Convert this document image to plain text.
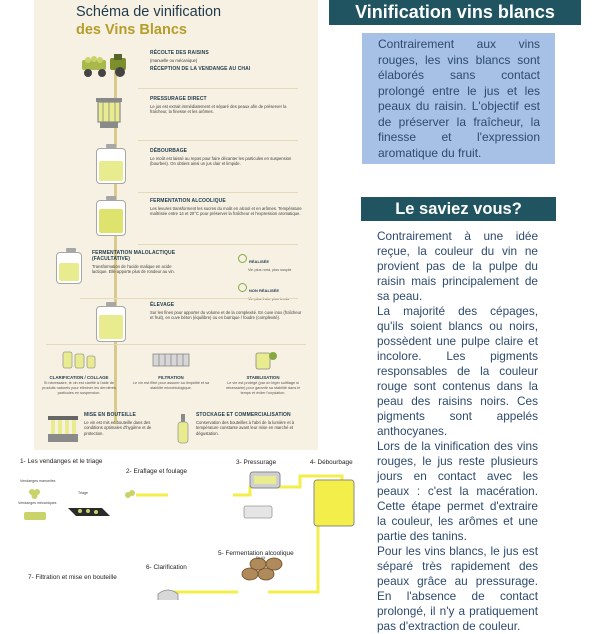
Schéma de vinification
des Vins Blancs
RÉCOLTE DES RAISINS
(manuelle ou mécanique)
RÉCEPTION DE LA VENDANGE AU CHAI
PRESSURAGE DIRECT
Le jus est extrait immédiatement et séparé des peaux afin de préserver la fraîcheur, la finesse et les arômes.
DÉBOURBAGE
Le moût est laissé au repos pour faire décanter les particules en suspension (bourbes). On obtient ainsi un jus clair et limpide.
FERMENTATION ALCOOLIQUE
Les levures transforment les sucres du moût en alcool et en arômes. Température maîtrisée entre 14 et 20°C pour préserver la fraîcheur et l'expression aromatique.
FERMENTATION MALOLACTIQUE (FACULTATIVE)
Transformation de l'acide malique en acide lactique. Elle apporte plus de rondeur au vin.
RÉALISÉE
Vin plus rond, plus souple
NON RÉALISÉE
Vin plus frais, plus tendu
ÉLEVAGE
Sur les fines pour apporter du volume et de la complexité. En cuve inox (fraîcheur et fruit), en cuve béton (équilibre) ou en barrique / foudre (complexité).
CLARIFICATION / COLLAGE
Si nécessaire, le vin est clarifié à l'aide de produits naturels pour éliminer les dernières particules en suspension.
FILTRATION
Le vin est filtré pour assurer sa limpidité et sa stabilité microbiologique.
STABILISATION
Le vin est protégé (par un léger sulfitage si nécessaire) pour garantir sa stabilité dans le temps et éviter l'oxydation.
MISE EN BOUTEILLE
Le vin est mis en bouteille dans des conditions optimales d'hygiène et de protection.
STOCKAGE ET COMMERCIALISATION
Conservation des bouteilles à l'abri de la lumière et à température constante avant leur mise en marché et dégustation.
1- Les vendanges et le triage
2- Eraflage et foulage
3- Pressurage	4- Débourbage
5- Fermentation alcoolique
6- Clarification
7- Filtration et mise en bouteille
Vendanges manuelles
Vendanges mécaniques
Triage
En fût
Vinification vins blancs

Contrairement aux vins rouges, les vins blancs sont élaborés sans contact prolongé entre le jus et les peaux du raisin. L'objectif est de préserver la fraîcheur, la finesse et l'expression aromatique du fruit.

Le saviez vous?

Contrairement à une idée reçue, la couleur du vin ne provient pas de la pulpe du raisin mais principalement de sa peau.

La majorité des cépages, qu'ils soient blancs ou noirs, possèdent une pulpe claire et incolore. Les pigments responsables de la couleur rouge sont contenus dans la peau des raisins noirs. Ces pigments sont appelés anthocyanes.

Lors de la vinification des vins rouges, le jus reste plusieurs jours en contact avec les peaux : c'est la macération. Cette étape permet d'extraire la couleur, les arômes et une partie des tanins.

Pour les vins blancs, le jus est séparé très rapidement des peaux grâce au pressurage. En l'absence de contact prolongé, il n'y a pratiquement pas d'extraction de couleur.
